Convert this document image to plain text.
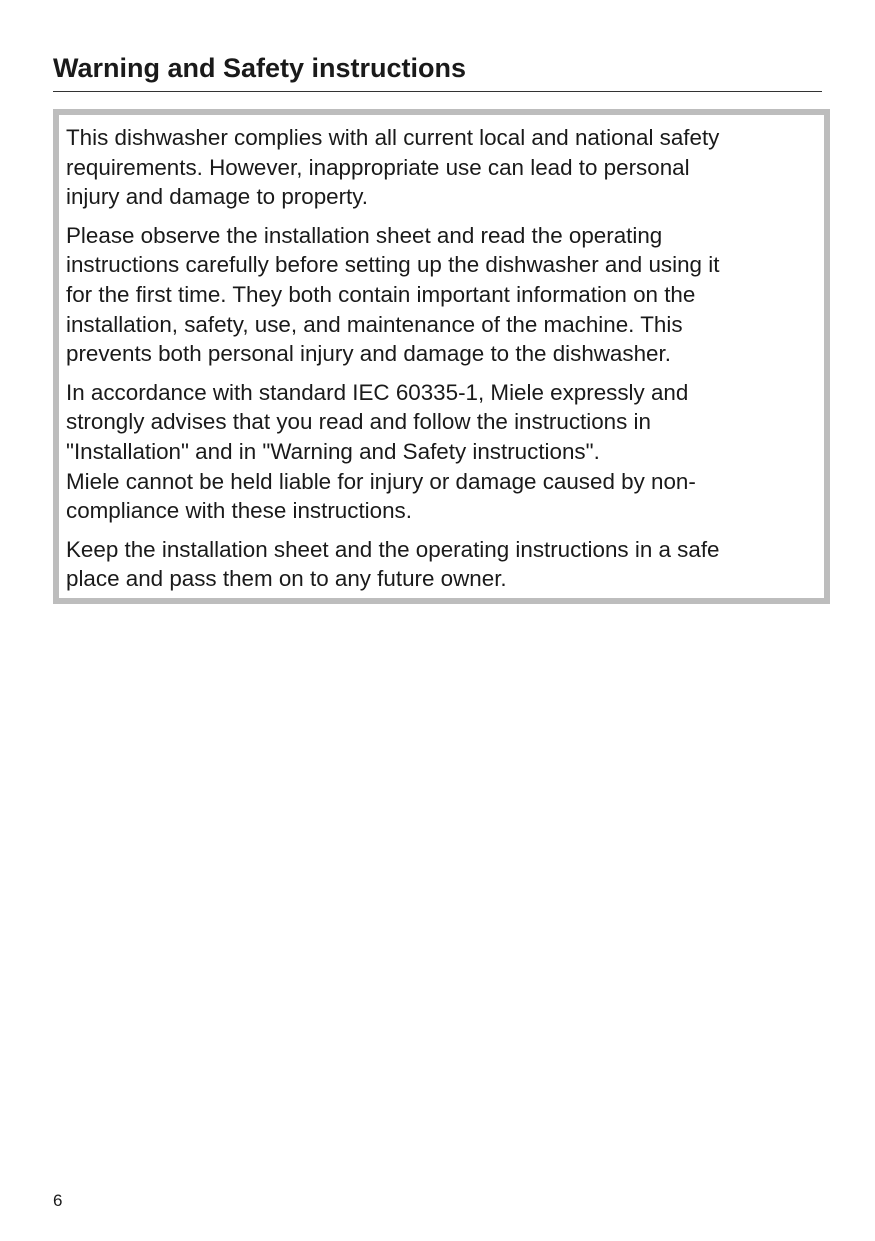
Warning and Safety instructions

This dishwasher complies with all current local and national safety
requirements. However, inappropriate use can lead to personal
injury and damage to property.

Please observe the installation sheet and read the operating
instructions carefully before setting up the dishwasher and using it
for the first time. They both contain important information on the
installation, safety, use, and maintenance of the machine. This
prevents both personal injury and damage to the dishwasher.

In accordance with standard IEC 60335-1, Miele expressly and
strongly advises that you read and follow the instructions in
"Installation" and in "Warning and Safety instructions".
Miele cannot be held liable for injury or damage caused by non-
compliance with these instructions.

Keep the installation sheet and the operating instructions in a safe
place and pass them on to any future owner.

6
